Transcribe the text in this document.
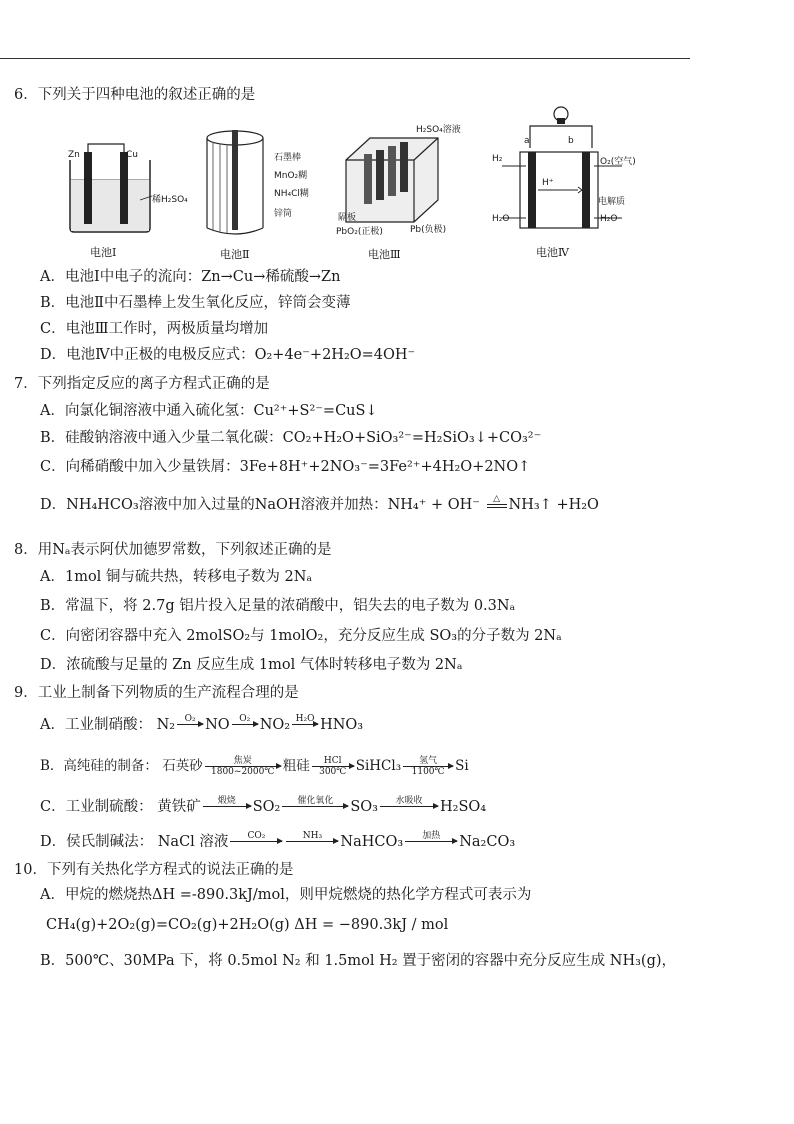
6．下列关于四种电池的叙述正确的是
Zn	Cu
稀H₂SO₄
电池Ⅰ
石墨棒
MnO₂糊
NH₄Cl糊
锌筒
电池Ⅱ
H₂SO₄溶液
隔板
PbO₂(正极)	Pb(负极)
电池Ⅲ
a	b
H₂	O₂(空气)
H⁺
电解质
H₂O	H₂O
电池Ⅳ
A．电池Ⅰ中电子的流向：Zn→Cu→稀硫酸→Zn
B．电池Ⅱ中石墨棒上发生氧化反应，锌筒会变薄
C．电池Ⅲ工作时，两极质量均增加
D．电池Ⅳ中正极的电极反应式：O₂+4e⁻+2H₂O=4OH⁻
7．下列指定反应的离子方程式正确的是
A．向氯化铜溶液中通入硫化氢：Cu²⁺+S²⁻=CuS↓
B．硅酸钠溶液中通入少量二氧化碳：CO₂+H₂O+SiO₃²⁻=H₂SiO₃↓+CO₃²⁻
C．向稀硝酸中加入少量铁屑：3Fe+8H⁺+2NO₃⁻=3Fe²⁺+4H₂O+2NO↑
D．NH₄HCO₃溶液中加入过量的NaOH溶液并加热：NH₄⁺ + OH⁻ △ NH₃↑ +H₂O
8．用Nₐ表示阿伏加德罗常数，下列叙述正确的是
A．1mol 铜与硫共热，转移电子数为 2Nₐ
B．常温下，将 2.7g 铝片投入足量的浓硝酸中，铝失去的电子数为 0.3Nₐ
C．向密闭容器中充入 2molSO₂与 1molO₂，充分反应生成 SO₃的分子数为 2Nₐ
D．浓硫酸与足量的 Zn 反应生成 1mol 气体时转移电子数为 2Nₐ
9．工业上制备下列物质的生产流程合理的是
A．工业制硝酸： N₂	O₂ NO	O₂ NO₂ H₂O HNO₃
B．高纯硅的制备： 石英砂	焦炭
1800~2000℃ 粗硅	HCl
300℃ SiHCl₃	氢气
1100℃ Si
C．工业制硫酸： 黄铁矿	煅烧	SO₂	催化氧化	SO₃	水吸收	H₂SO₄
D．侯氏制碱法： NaCl 溶液	CO₂	NH₃	NaHCO₃	加热	Na₂CO₃
10．下列有关热化学方程式的说法正确的是
A．甲烷的燃烧热ΔH =-890.3kJ/mol，则甲烷燃烧的热化学方程式可表示为
CH₄(g)+2O₂(g)=CO₂(g)+2H₂O(g) ΔH = −890.3kJ / mol
B．500℃、30MPa 下，将 0.5mol N₂ 和 1.5mol H₂ 置于密闭的容器中充分反应生成 NH₃(g)，
